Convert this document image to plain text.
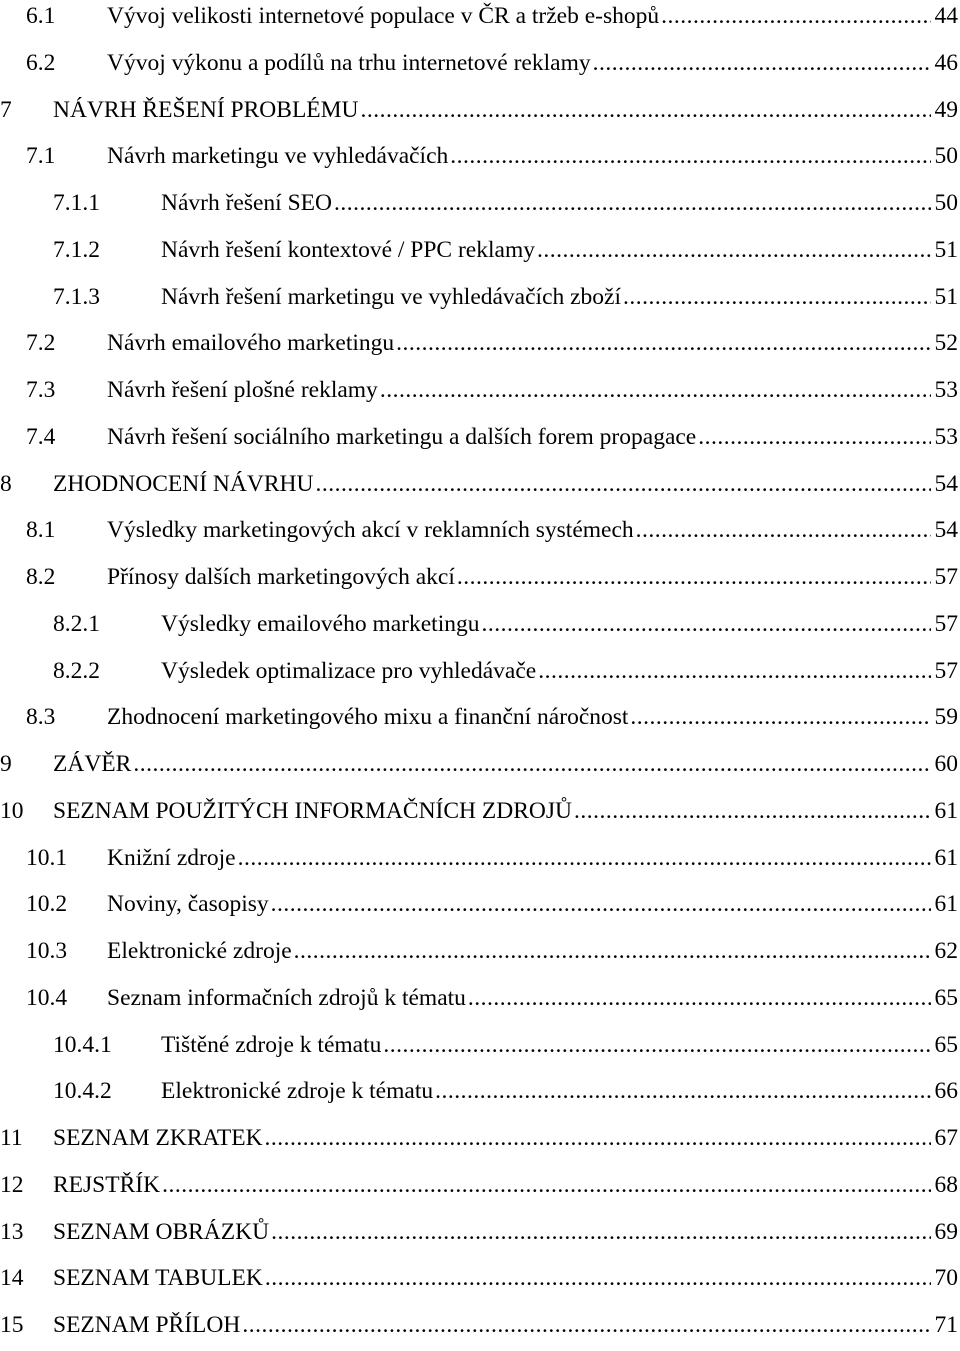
6.1	Vývoj velikosti internetové populace v ČR a tržeb e-shopů .....	44
6.2	Vývoj výkonu a podílů na trhu internetové reklamy .....	46
7	NÁVRH ŘEŠENÍ PROBLÉMU .....	49
7.1	Návrh marketingu ve vyhledávačích .....	50
7.1.1	Návrh řešení SEO .....	50
7.1.2	Návrh řešení kontextové / PPC reklamy .....	51
7.1.3	Návrh řešení marketingu ve vyhledávačích zboží .....	51
7.2	Návrh emailového marketingu .....	52
7.3	Návrh řešení plošné reklamy .....	53
7.4	Návrh řešení sociálního marketingu a dalších forem propagace .....	53
8	ZHODNOCENÍ NÁVRHU .....	54
8.1	Výsledky marketingových akcí v reklamních systémech .....	54
8.2	Přínosy dalších marketingových akcí .....	57
8.2.1	Výsledky emailového marketingu .....	57
8.2.2	Výsledek optimalizace pro vyhledávače .....	57
8.3	Zhodnocení marketingového mixu a finanční náročnost .....	59
9	ZÁVĚR .....	60
10	SEZNAM POUŽITÝCH INFORMAČNÍCH ZDROJŮ .....	61
10.1	Knižní zdroje .....	61
10.2	Noviny, časopisy .....	61
10.3	Elektronické zdroje .....	62
10.4	Seznam informačních zdrojů k tématu .....	65
10.4.1	Tištěné zdroje k tématu .....	65
10.4.2	Elektronické zdroje k tématu .....	66
11	SEZNAM ZKRATEK .....	67
12	REJSTŘÍK .....	68
13	SEZNAM OBRÁZKŮ .....	69
14	SEZNAM TABULEK .....	70
15	SEZNAM PŘÍLOH .....	71
